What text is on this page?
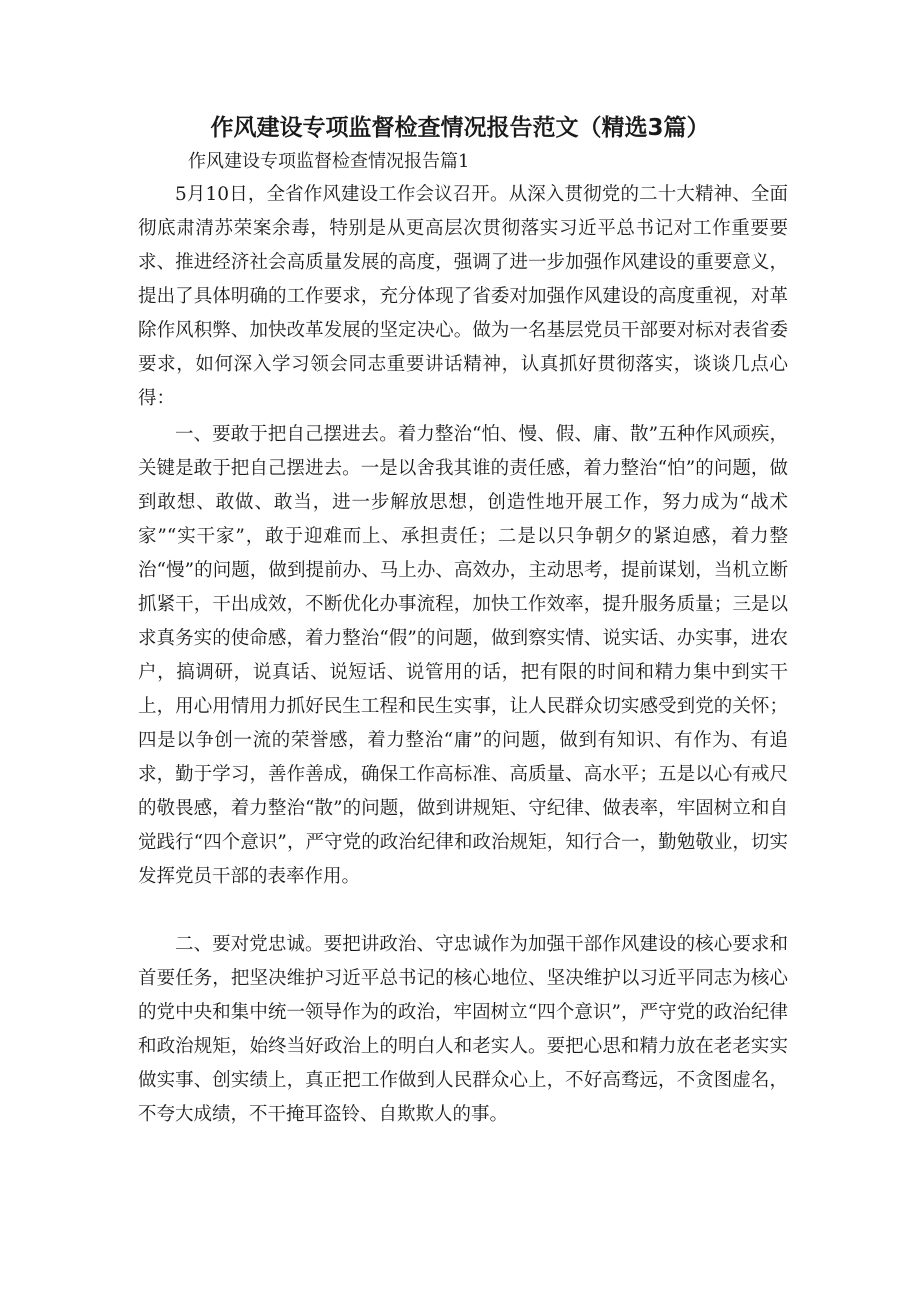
作风建设专项监督检查情况报告范文（精选3篇）
作风建设专项监督检查情况报告篇1

5月10日，全省作风建设工作会议召开。从深入贯彻党的二十大精神、全面彻底肃清苏荣案余毒，特别是从更高层次贯彻落实习近平总书记对工作重要要求、推进经济社会高质量发展的高度，强调了进一步加强作风建设的重要意义，提出了具体明确的工作要求，充分体现了省委对加强作风建设的高度重视，对革除作风积弊、加快改革发展的坚定决心。做为一名基层党员干部要对标对表省委要求，如何深入学习领会同志重要讲话精神，认真抓好贯彻落实，谈谈几点心得：

一、要敢于把自己摆进去。着力整治“怕、慢、假、庸、散”五种作风顽疾，关键是敢于把自己摆进去。一是以舍我其谁的责任感，着力整治“怕”的问题，做到敢想、敢做、敢当，进一步解放思想，创造性地开展工作，努力成为“战术家”“实干家”，敢于迎难而上、承担责任；二是以只争朝夕的紧迫感，着力整治“慢”的问题，做到提前办、马上办、高效办，主动思考，提前谋划，当机立断抓紧干，干出成效，不断优化办事流程，加快工作效率，提升服务质量；三是以求真务实的使命感，着力整治“假”的问题，做到察实情、说实话、办实事，进农户，搞调研，说真话、说短话、说管用的话，把有限的时间和精力集中到实干上，用心用情用力抓好民生工程和民生实事，让人民群众切实感受到党的关怀；四是以争创一流的荣誉感，着力整治“庸”的问题，做到有知识、有作为、有追求，勤于学习，善作善成，确保工作高标准、高质量、高水平；五是以心有戒尺的敬畏感，着力整治“散”的问题，做到讲规矩、守纪律、做表率，牢固树立和自觉践行“四个意识”，严守党的政治纪律和政治规矩，知行合一，勤勉敬业，切实发挥党员干部的表率作用。

二、要对党忠诚。要把讲政治、守忠诚作为加强干部作风建设的核心要求和首要任务，把坚决维护习近平总书记的核心地位、坚决维护以习近平同志为核心的党中央和集中统一领导作为的政治，牢固树立“四个意识”，严守党的政治纪律和政治规矩，始终当好政治上的明白人和老实人。要把心思和精力放在老老实实做实事、创实绩上，真正把工作做到人民群众心上，不好高骛远，不贪图虚名，不夸大成绩，不干掩耳盗铃、自欺欺人的事。
